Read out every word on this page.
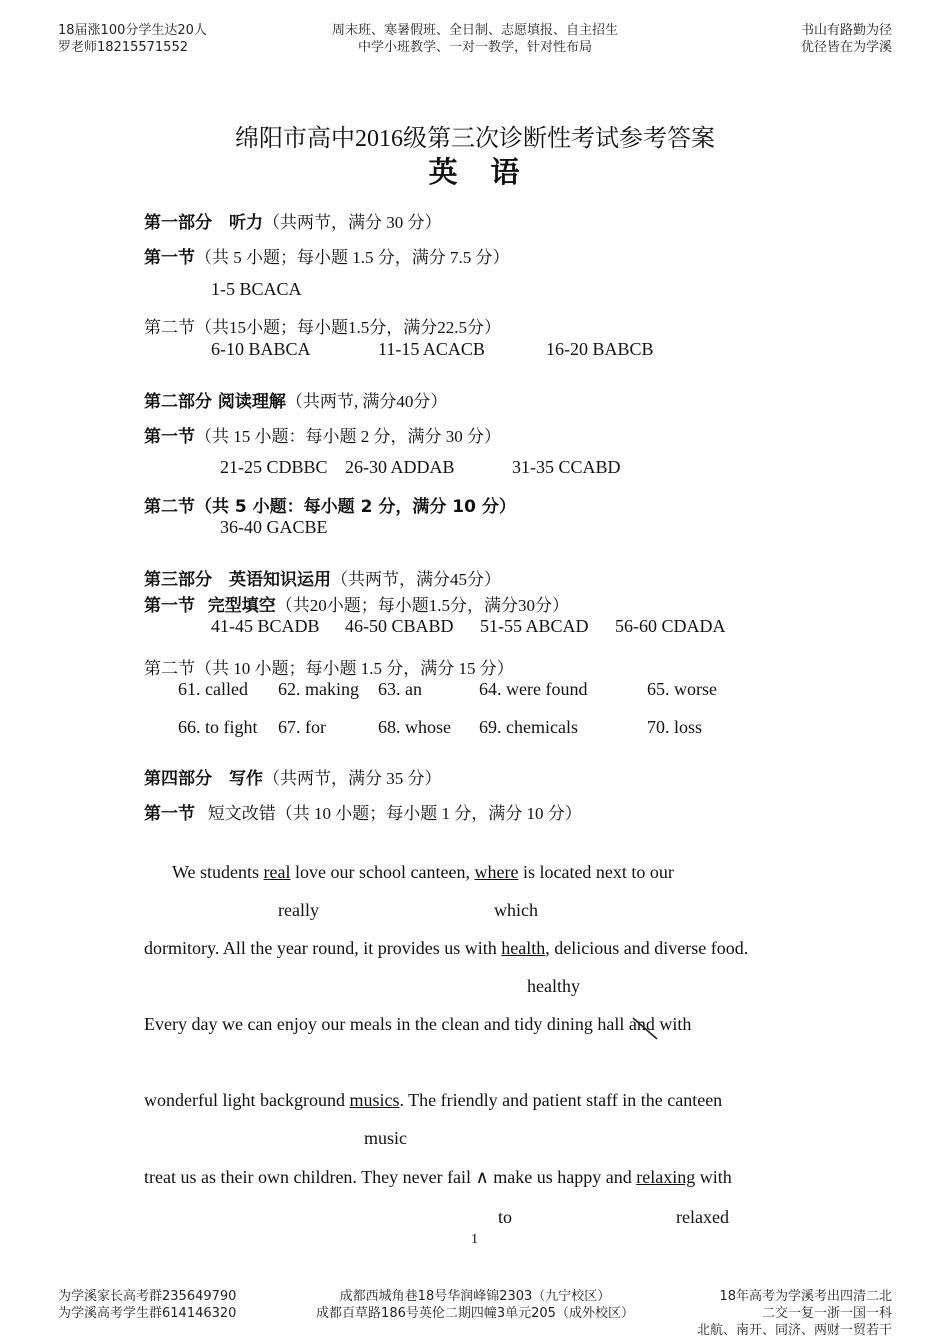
18届涨100分学生达20人
罗老师18215571552
周末班、寒暑假班、全日制、志愿填报、自主招生
中学小班教学、一对一教学，针对性布局
书山有路勤为径
优径皆在为学溪
绵阳市高中2016级第三次诊断性考试参考答案
英　语
第一部分　听力（共两节，满分 30 分）
第一节（共 5 小题；每小题 1.5 分，满分 7.5 分）
1-5 BCACA
第二节（共15小题；每小题1.5分，满分22.5分）
6-10 BABCA	11-15 ACACB	16-20 BABCB
第二部分 阅读理解（共两节, 满分40分）
第一节（共 15 小题：每小题 2 分，满分 30 分）
21-25 CDBBC 26-30 ADDAB	31-35 CCABD
第二节（共 5 小题：每小题 2 分，满分 10 分）
36-40 GACBE
第三部分　英语知识运用（共两节，满分45分）
第一节 完型填空（共20小题；每小题1.5分，满分30分）
41-45 BCADB 46-50 CBABD 51-55 ABCAD 56-60 CDADA
第二节（共 10 小题；每小题 1.5 分，满分 15 分）
61. called 62. making 63. an	64. were found	65. worse
66. to fight 67. for	68. whose 69. chemicals	70. loss
第四部分　写作（共两节，满分 35 分）
第一节 短文改错（共 10 小题；每小题 1 分，满分 10 分）
We students real love our school canteen, where is located next to our
really	which
dormitory. All the year round, it provides us with health, delicious and diverse food.
healthy
Every day we can enjoy our meals in the clean and tidy dining hall and
with
wonderful light background musics. The friendly and patient staff in the canteen
music
treat us as their own children. They never fail ∧ make us happy and relaxing with
to	relaxed
1
为学溪家长高考群235649790
为学溪高考学生群614146320
成都西城角巷18号华润峰锦2303（九宁校区）
成都百草路186号英伦二期四幢3单元205（成外校区）
18年高考为学溪考出四清二北
二交一复一浙一国一科
北航、南开、同济、两财一贸若干
